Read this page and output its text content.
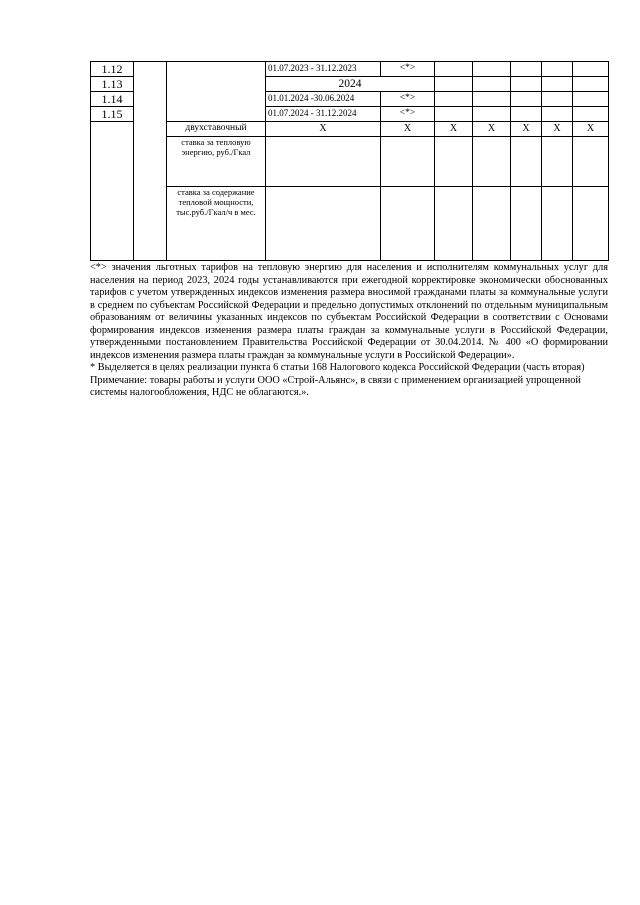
1.12			01.07.2023 - 31.12.2023	<*>					
1.13			2024						
1.14			01.01.2024 -30.06.2024	<*>					
1.15			01.07.2024 - 31.12.2024	<*>					
		двухставочный	X	X	X	X	X	X	X
		ставка за тепловую энергию, руб./Гкал							
		ставка за содержание тепловой мощности, тыс.руб./Гкал/ч в мес.							

<*> значения льготных тарифов на тепловую энергию для населения и исполнителям коммунальных услуг для населения на период 2023, 2024 годы устанавливаются при ежегодной корректировке экономически обоснованных тарифов с учетом утвержденных индексов изменения размера вносимой гражданами платы за коммунальные услуги в среднем по субъектам Российской Федерации и предельно допустимых отклонений по отдельным муниципальным образованиям от величины указанных индексов по субъектам Российской Федерации в соответствии с Основами формирования индексов изменения размера платы граждан за коммунальные услуги в Российской Федерации, утвержденными постановлением Правительства Российской Федерации от 30.04.2014. № 400 «О формировании индексов изменения размера платы граждан за коммунальные услуги в Российской Федерации».

* Выделяется в целях реализации пункта 6 статьи 168 Налогового кодекса Российской Федерации (часть вторая)

Примечание: товары работы и услуги ООО «Строй-Альянс», в связи с применением организацией упрощенной системы налогообложения, НДС не облагаются.».
